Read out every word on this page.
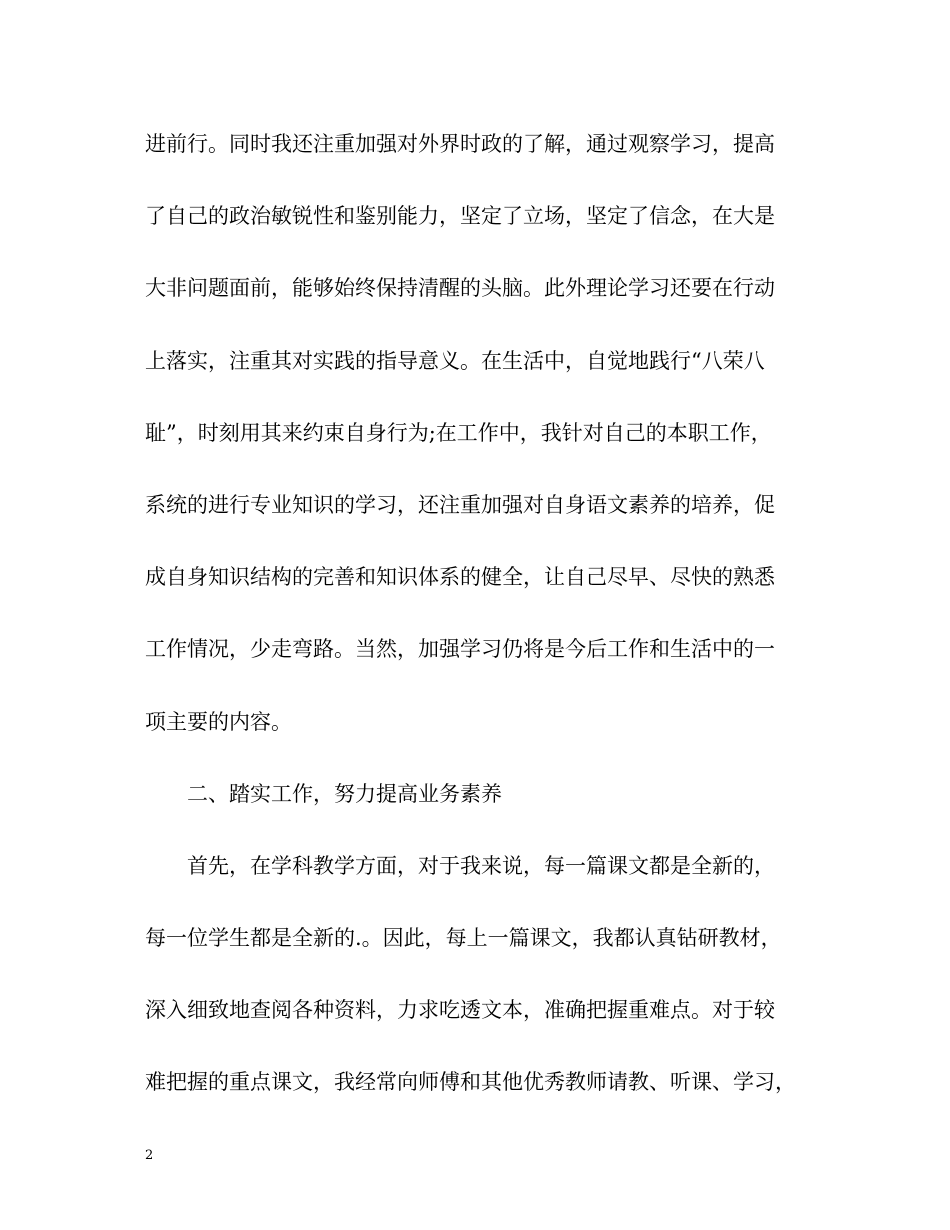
进前行。同时我还注重加强对外界时政的了解，通过观察学习，提高
了自己的政治敏锐性和鉴别能力，坚定了立场，坚定了信念，在大是
大非问题面前，能够始终保持清醒的头脑。此外理论学习还要在行动
上落实，注重其对实践的指导意义。在生活中，自觉地践行“八荣八
耻”，时刻用其来约束自身行为;在工作中，我针对自己的本职工作，
系统的进行专业知识的学习，还注重加强对自身语文素养的培养，促
成自身知识结构的完善和知识体系的健全，让自己尽早、尽快的熟悉
工作情况，少走弯路。当然，加强学习仍将是今后工作和生活中的一
项主要的内容。
二、踏实工作，努力提高业务素养
首先，在学科教学方面，对于我来说，每一篇课文都是全新的，
每一位学生都是全新的.。因此，每上一篇课文，我都认真钻研教材，
深入细致地查阅各种资料，力求吃透文本，准确把握重难点。对于较
难把握的重点课文，我经常向师傅和其他优秀教师请教、听课、学习，
2
